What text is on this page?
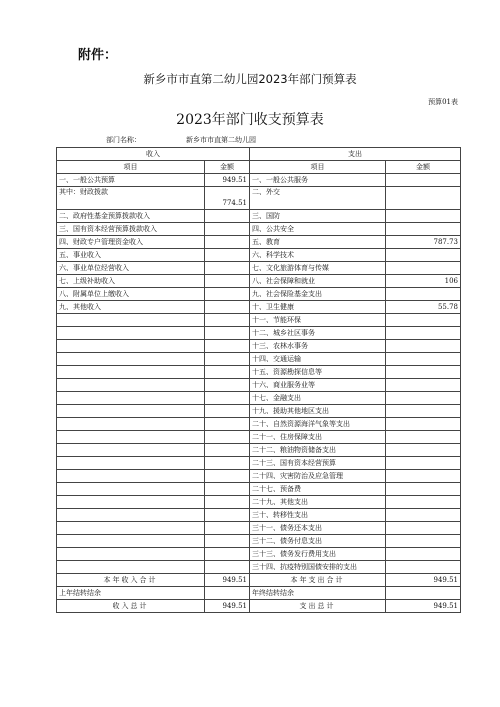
附件：
新乡市市直第二幼儿园2023年部门预算表
预算01表
2023年部门收支预算表
部门名称：	新乡市市直第二幼儿园
收入		支出	
项目	金额	项目	金额
一、一般公共预算	949.51	一、一般公共服务	
其中：财政拨款	774.51	二、外交	
二、政府性基金预算拨款收入		三、国防	
三、国有资本经营预算拨款收入		四、公共安全	
四、财政专户管理资金收入		五、教育	787.73
五、事业收入		六、科学技术	
六、事业单位经营收入		七、文化旅游体育与传媒	
七、上级补助收入		八、社会保障和就业	106
八、附属单位上缴收入		九、社会保险基金支出	
九、其他收入		十、卫生健康	55.78
		十一、节能环保	
		十二、城乡社区事务	
		十三、农林水事务	
		十四、交通运输	
		十五、资源勘探信息等	
		十六、商业服务业等	
		十七、金融支出	
		十九、援助其他地区支出	
		二十、自然资源海洋气象等支出	
		二十一、住房保障支出	
		二十二、粮油物资储备支出	
		二十三、国有资本经营预算	
		二十四、灾害防治及应急管理	
		二十七、预备费	
		二十九、其他支出	
		三十、转移性支出	
		三十一、债务还本支出	
		三十二、债务付息支出	
		三十三、债务发行费用支出	
		三十四、抗疫特别国债安排的支出	
本年收入合计	949.51	本年支出合计	949.51
上年结转结余		年终结转结余	
收入总计	949.51	支出总计	949.51
